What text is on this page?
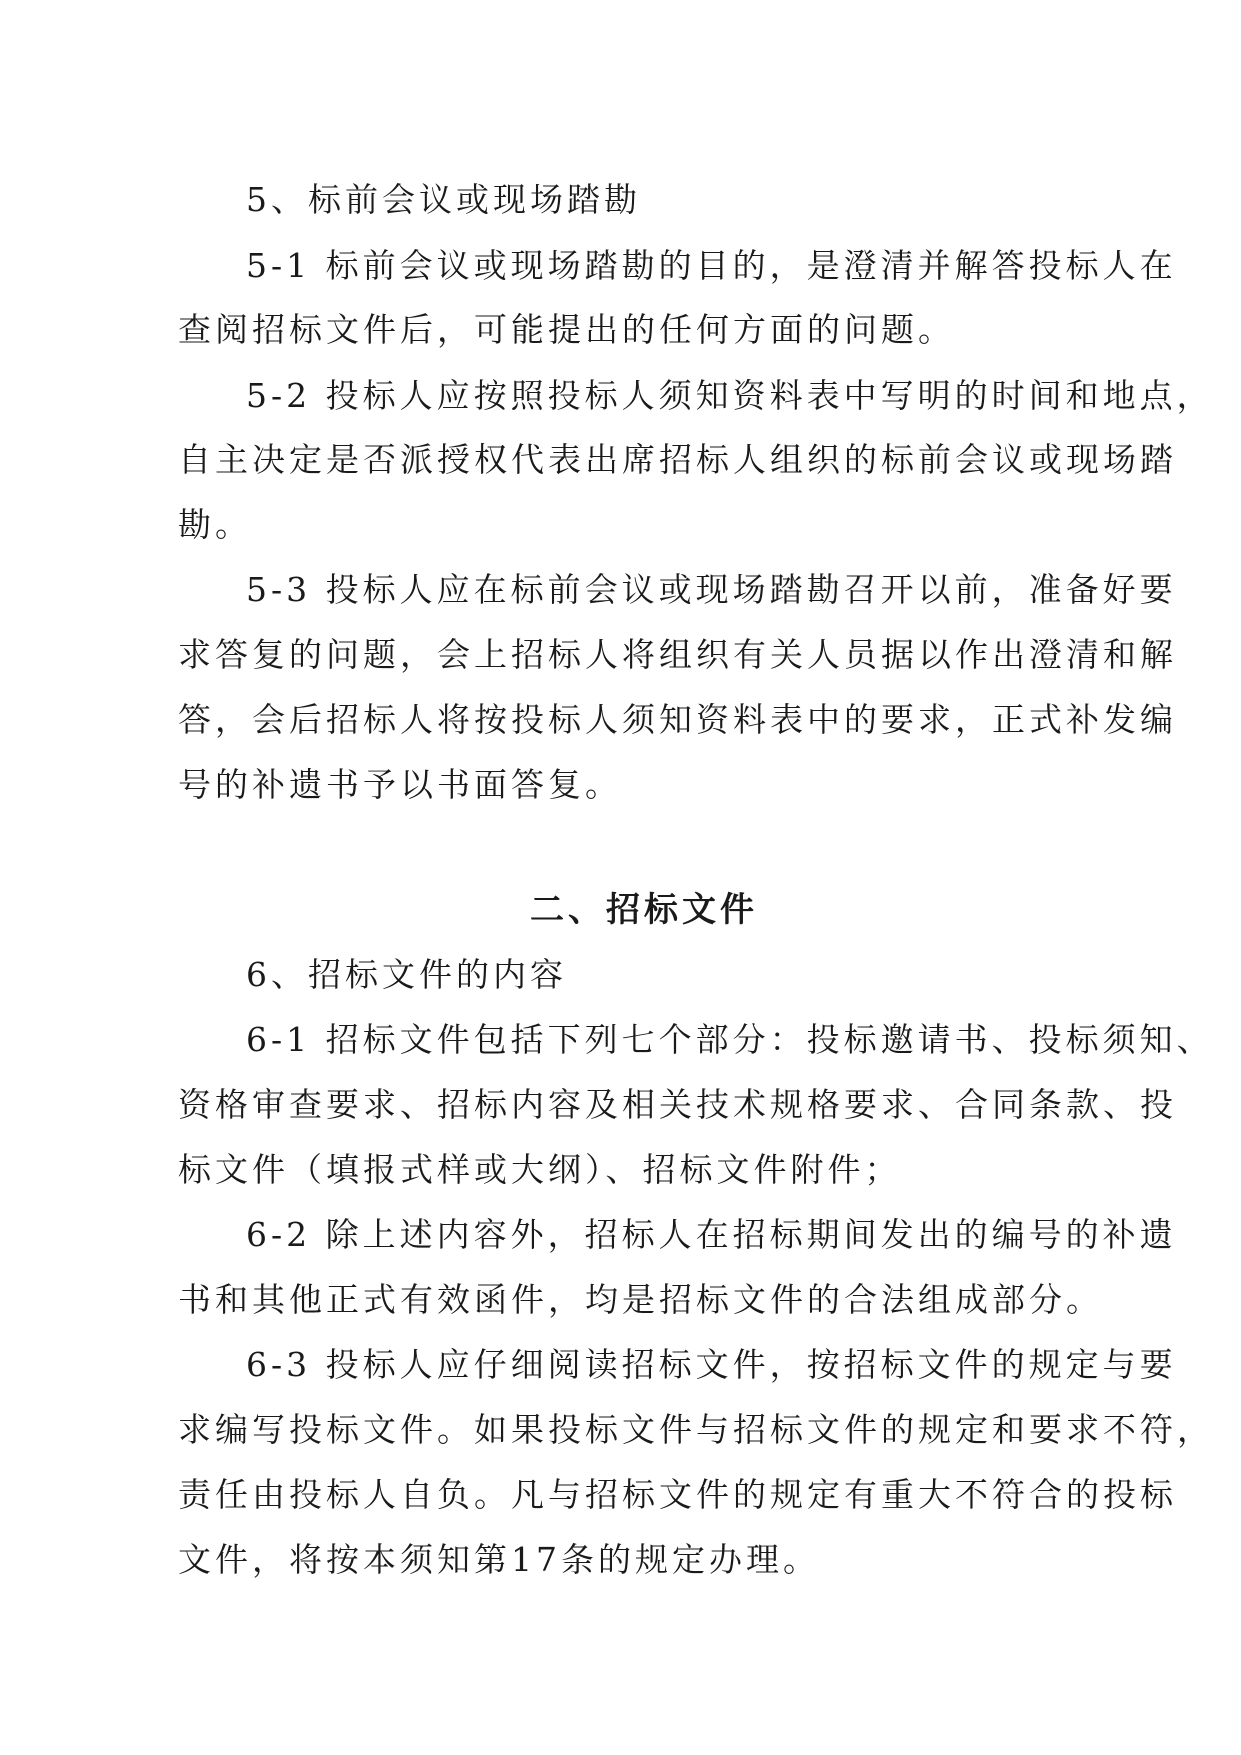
5、标前会议或现场踏勘
5-1 标前会议或现场踏勘的目的，是澄清并解答投标人在
查阅招标文件后，可能提出的任何方面的问题。
5-2 投标人应按照投标人须知资料表中写明的时间和地点，
自主决定是否派授权代表出席招标人组织的标前会议或现场踏
勘。
5-3 投标人应在标前会议或现场踏勘召开以前，准备好要
求答复的问题，会上招标人将组织有关人员据以作出澄清和解
答，会后招标人将按投标人须知资料表中的要求，正式补发编
号的补遗书予以书面答复。
二、招标文件
6、招标文件的内容
6-1 招标文件包括下列七个部分：投标邀请书、投标须知、
资格审查要求、招标内容及相关技术规格要求、合同条款、投
标文件（填报式样或大纲）、招标文件附件；
6-2 除上述内容外，招标人在招标期间发出的编号的补遗
书和其他正式有效函件，均是招标文件的合法组成部分。
6-3 投标人应仔细阅读招标文件，按招标文件的规定与要
求编写投标文件。如果投标文件与招标文件的规定和要求不符，
责任由投标人自负。凡与招标文件的规定有重大不符合的投标
文件，将按本须知第17条的规定办理。
